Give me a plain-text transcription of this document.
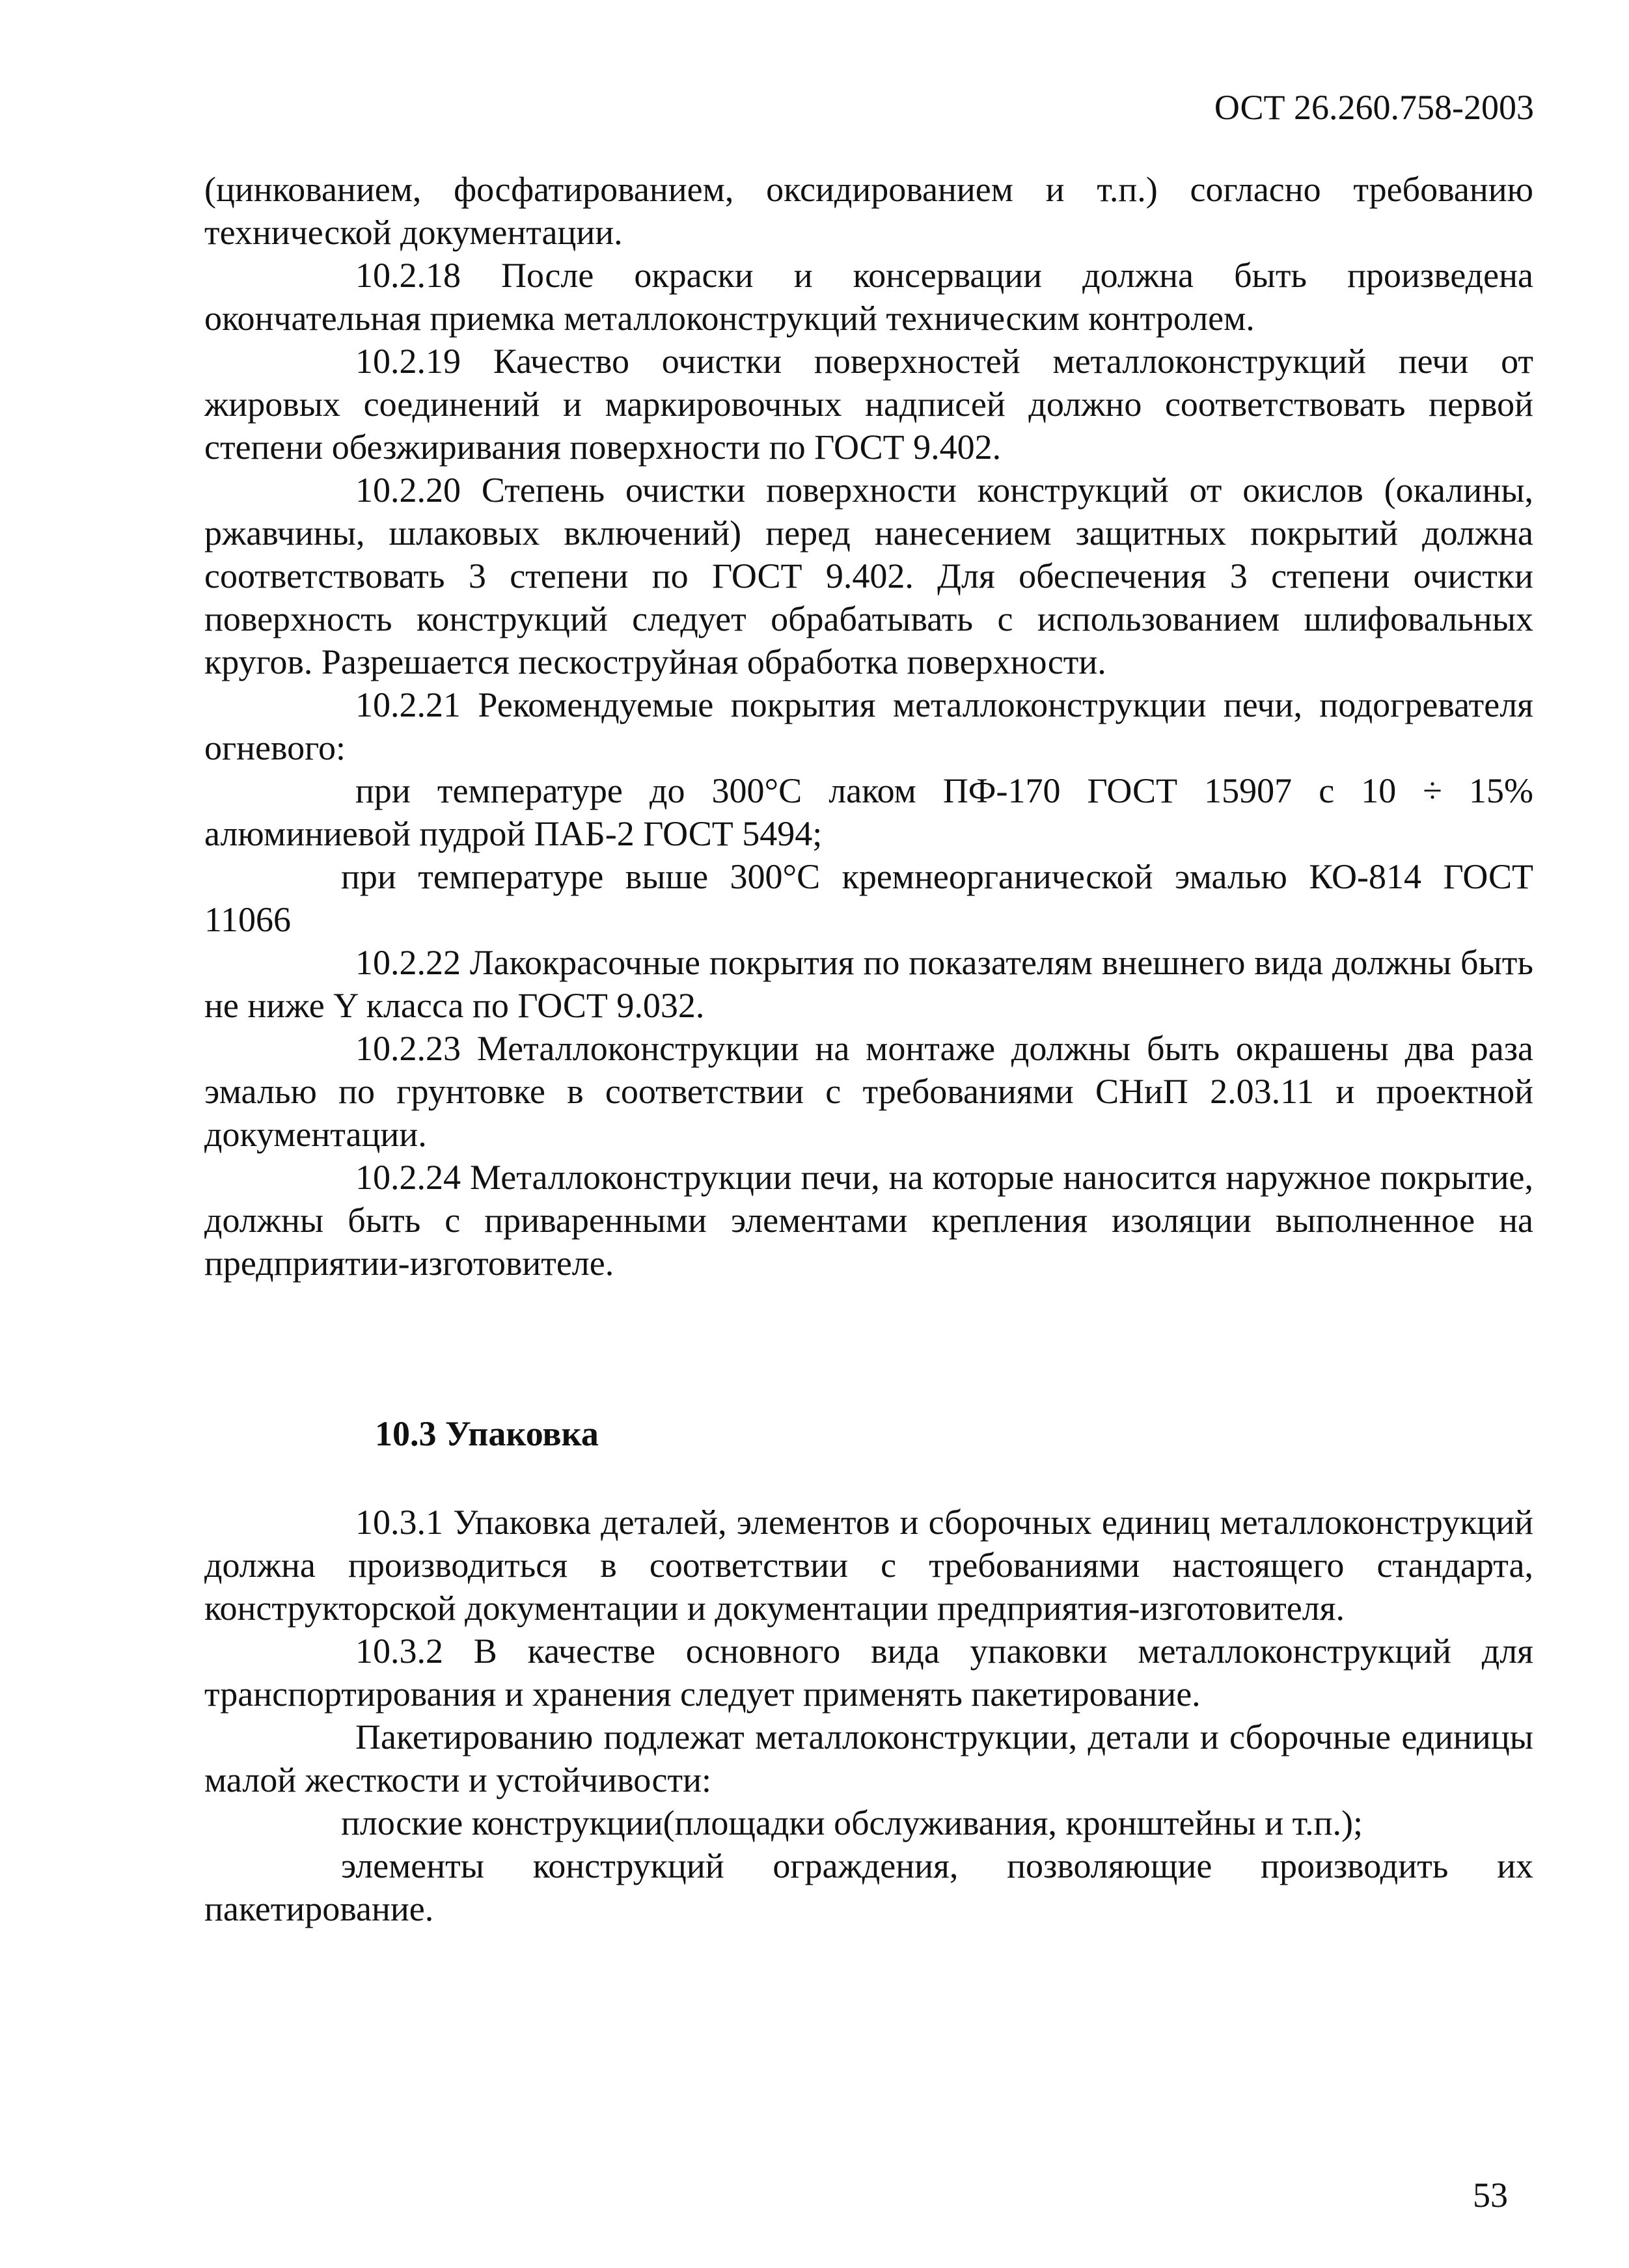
ОСТ 26.260.758-2003

(цинкованием, фосфатированием, оксидированием и т.п.) согласно требованию технической документации.

10.2.18 После окраски и консервации должна быть произведена окончательная приемка металлоконструкций техническим контролем.

10.2.19 Качество очистки поверхностей металлоконструкций печи от жировых соединений и маркировочных надписей должно соответствовать первой степени обезжиривания поверхности по ГОСТ 9.402.

10.2.20 Степень очистки поверхности конструкций от окислов (окалины, ржавчины, шлаковых включений) перед нанесением защитных покрытий должна соответствовать 3 степени по ГОСТ 9.402. Для обеспечения 3 степени очистки поверхность конструкций следует обрабатывать с использованием шлифовальных кругов. Разрешается пескоструйная обработка поверхности.

10.2.21 Рекомендуемые покрытия металлоконструкции печи, подогревателя огневого:

при температуре до 300°С лаком ПФ-170 ГОСТ 15907 с 10 ÷ 15% алюминиевой пудрой ПАБ-2 ГОСТ 5494;

при температуре выше 300°С кремнеорганической эмалью КО-814 ГОСТ 11066

10.2.22 Лакокрасочные покрытия по показателям внешнего вида должны быть не ниже Y класса по ГОСТ 9.032.

10.2.23 Металлоконструкции на монтаже должны быть окрашены два раза эмалью по грунтовке в соответствии с требованиями СНиП 2.03.11 и проектной документации.

10.2.24 Металлоконструкции печи, на которые наносится наружное покрытие, должны быть с приваренными элементами крепления изоляции выполненное на предприятии-изготовителе.

10.3 Упаковка

10.3.1 Упаковка деталей, элементов и сборочных единиц металлоконструкций должна производиться в соответствии с требованиями настоящего стандарта, конструкторской документации и документации предприятия-изготовителя.

10.3.2 В качестве основного вида упаковки металлоконструкций для транспортирования и хранения следует применять пакетирование.

Пакетированию подлежат металлоконструкции, детали и сборочные единицы малой жесткости и устойчивости:

плоские конструкции(площадки обслуживания, кронштейны и т.п.);

элементы конструкций ограждения, позволяющие производить их пакетирование.

53
